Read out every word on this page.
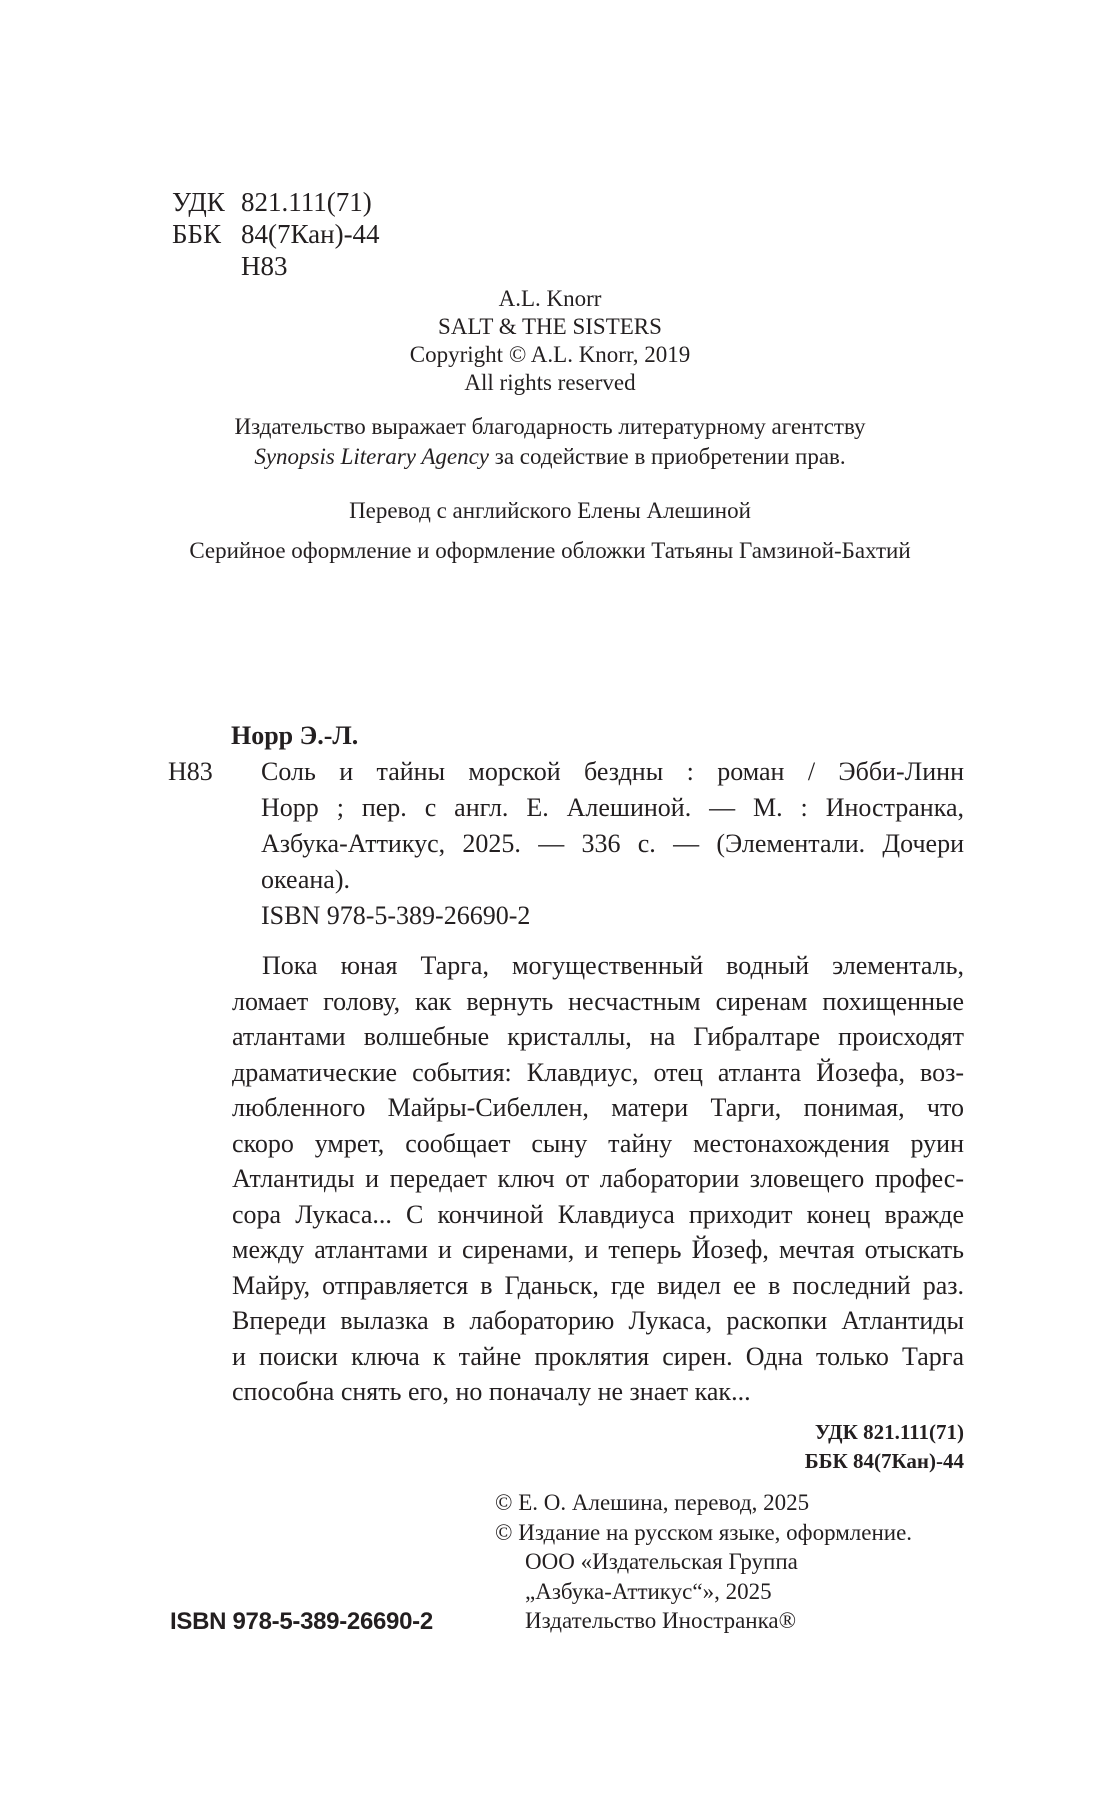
УДК 821.111(71)
ББК 84(7Кан)-44
Н83
A.L. Knorr
SALT & THE SISTERS
Copyright © A.L. Knorr, 2019
All rights reserved
Издательство выражает благодарность литературному агентству
Synopsis Literary Agency за содействие в приобретении прав.
Перевод с английского Елены Алешиной
Серийное оформление и оформление обложки Татьяны Гамзиной-Бахтий
Норр Э.-Л.
Н83 Соль и тайны морской бездны : роман / Эбби-Линн
Норр ; пер. с англ. Е. Алешиной. — М. : Иностранка,
Азбука-Аттикус, 2025. — 336 с. — (Элементали. Дочери
океана).
ISBN 978-5-389-26690-2
Пока юная Тарга, могущественный водный элементаль,
ломает голову, как вернуть несчастным сиренам похищенные
атлантами волшебные кристаллы, на Гибралтаре происходят
драматические события: Клавдиус, отец атланта Йозефа, воз-
любленного Майры-Сибеллен, матери Тарги, понимая, что
скоро умрет, сообщает сыну тайну местонахождения руин
Атлантиды и передает ключ от лаборатории зловещего профес-
сора Лукаса... С кончиной Клавдиуса приходит конец вражде
между атлантами и сиренами, и теперь Йозеф, мечтая отыскать
Майру, отправляется в Гданьск, где видел ее в последний раз.
Впереди вылазка в лабораторию Лукаса, раскопки Атлантиды
и поиски ключа к тайне проклятия сирен. Одна только Тарга
способна снять его, но поначалу не знает как...
УДК 821.111(71)
ББК 84(7Кан)-44
© Е. О. Алешина, перевод, 2025
© Издание на русском языке, оформление.
ООО «Издательская Группа
„Азбука-Аттикус“», 2025
Издательство Иностранка®
ISBN 978-5-389-26690-2
